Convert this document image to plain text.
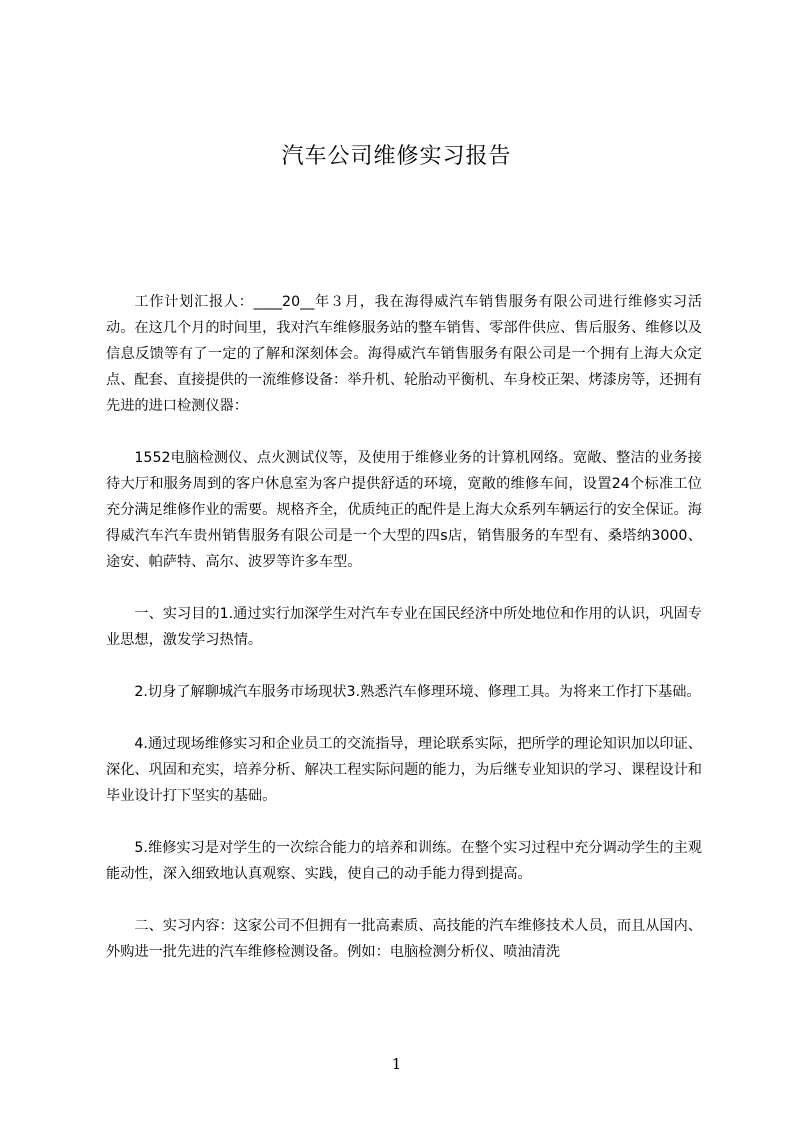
汽车公司维修实习报告

工作计划汇报人：____20__年３月，我在海得威汽车销售服务有限公司进行维修实习活动。在这几个月的时间里，我对汽车维修服务站的整车销售、零部件供应、售后服务、维修以及信息反馈等有了一定的了解和深刻体会。海得威汽车销售服务有限公司是一个拥有上海大众定点、配套、直接提供的一流维修设备：举升机、轮胎动平衡机、车身校正架、烤漆房等，还拥有先进的进口检测仪器：

1552电脑检测仪、点火测试仪等，及使用于维修业务的计算机网络。宽敞、整洁的业务接待大厅和服务周到的客户休息室为客户提供舒适的环境，宽敞的维修车间，设置24个标准工位充分满足维修作业的需要。规格齐全，优质纯正的配件是上海大众系列车辆运行的安全保证。海得威汽车汽车贵州销售服务有限公司是一个大型的四s店，销售服务的车型有、桑塔纳3000、途安、帕萨特、高尔、波罗等许多车型。

一、实习目的1.通过实行加深学生对汽车专业在国民经济中所处地位和作用的认识，巩固专业思想，激发学习热情。

2.切身了解聊城汽车服务市场现状3.熟悉汽车修理环境、修理工具。为将来工作打下基础。

4.通过现场维修实习和企业员工的交流指导，理论联系实际，把所学的理论知识加以印证、深化、巩固和充实，培养分析、解决工程实际问题的能力，为后继专业知识的学习、课程设计和毕业设计打下坚实的基础。

5.维修实习是对学生的一次综合能力的培养和训练。在整个实习过程中充分调动学生的主观能动性，深入细致地认真观察、实践，使自己的动手能力得到提高。

二、实习内容：这家公司不但拥有一批高素质、高技能的汽车维修技术人员，而且从国内、外购进一批先进的汽车维修检测设备。例如：电脑检测分析仪、喷油清洗

1
